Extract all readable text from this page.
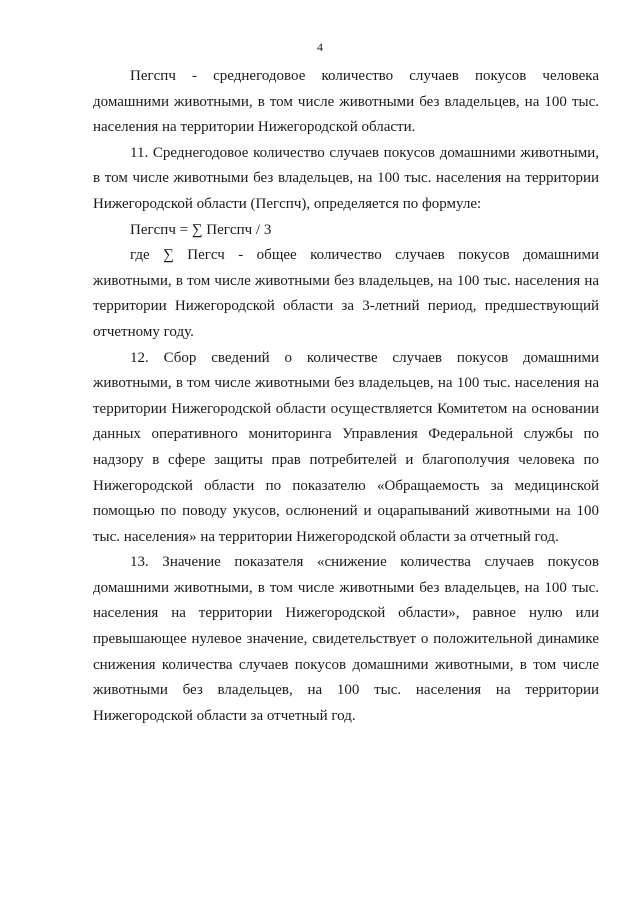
4

Пегспч - среднегодовое количество случаев покусов человека домашними животными, в том числе животными без владельцев, на 100 тыс. населения на территории Нижегородской области.

11. Среднегодовое количество случаев покусов домашними животными, в том числе животными без владельцев, на 100 тыс. населения на территории Нижегородской области (Пегспч), определяется по формуле:

Пегспч = ∑ Пегспч / 3

где ∑ Пегсч - общее количество случаев покусов домашними животными, в том числе животными без владельцев, на 100 тыс. населения на территории Нижегородской области за 3-летний период, предшествующий отчетному году.

12. Сбор сведений о количестве случаев покусов домашними животными, в том числе животными без владельцев, на 100 тыс. населения на территории Нижегородской области осуществляется Комитетом на основании данных оперативного мониторинга Управления Федеральной службы по надзору в сфере защиты прав потребителей и благополучия человека по Нижегородской области по показателю «Обращаемость за медицинской помощью по поводу укусов, ослюнений и оцарапываний животными на 100 тыс. населения» на территории Нижегородской области за отчетный год.

13. Значение показателя «снижение количества случаев покусов домашними животными, в том числе животными без владельцев, на 100 тыс. населения на территории Нижегородской области», равное нулю или превышающее нулевое значение, свидетельствует о положительной динамике снижения количества случаев покусов домашними животными, в том числе животными без владельцев, на 100 тыс. населения на территории Нижегородской области за отчетный год.
